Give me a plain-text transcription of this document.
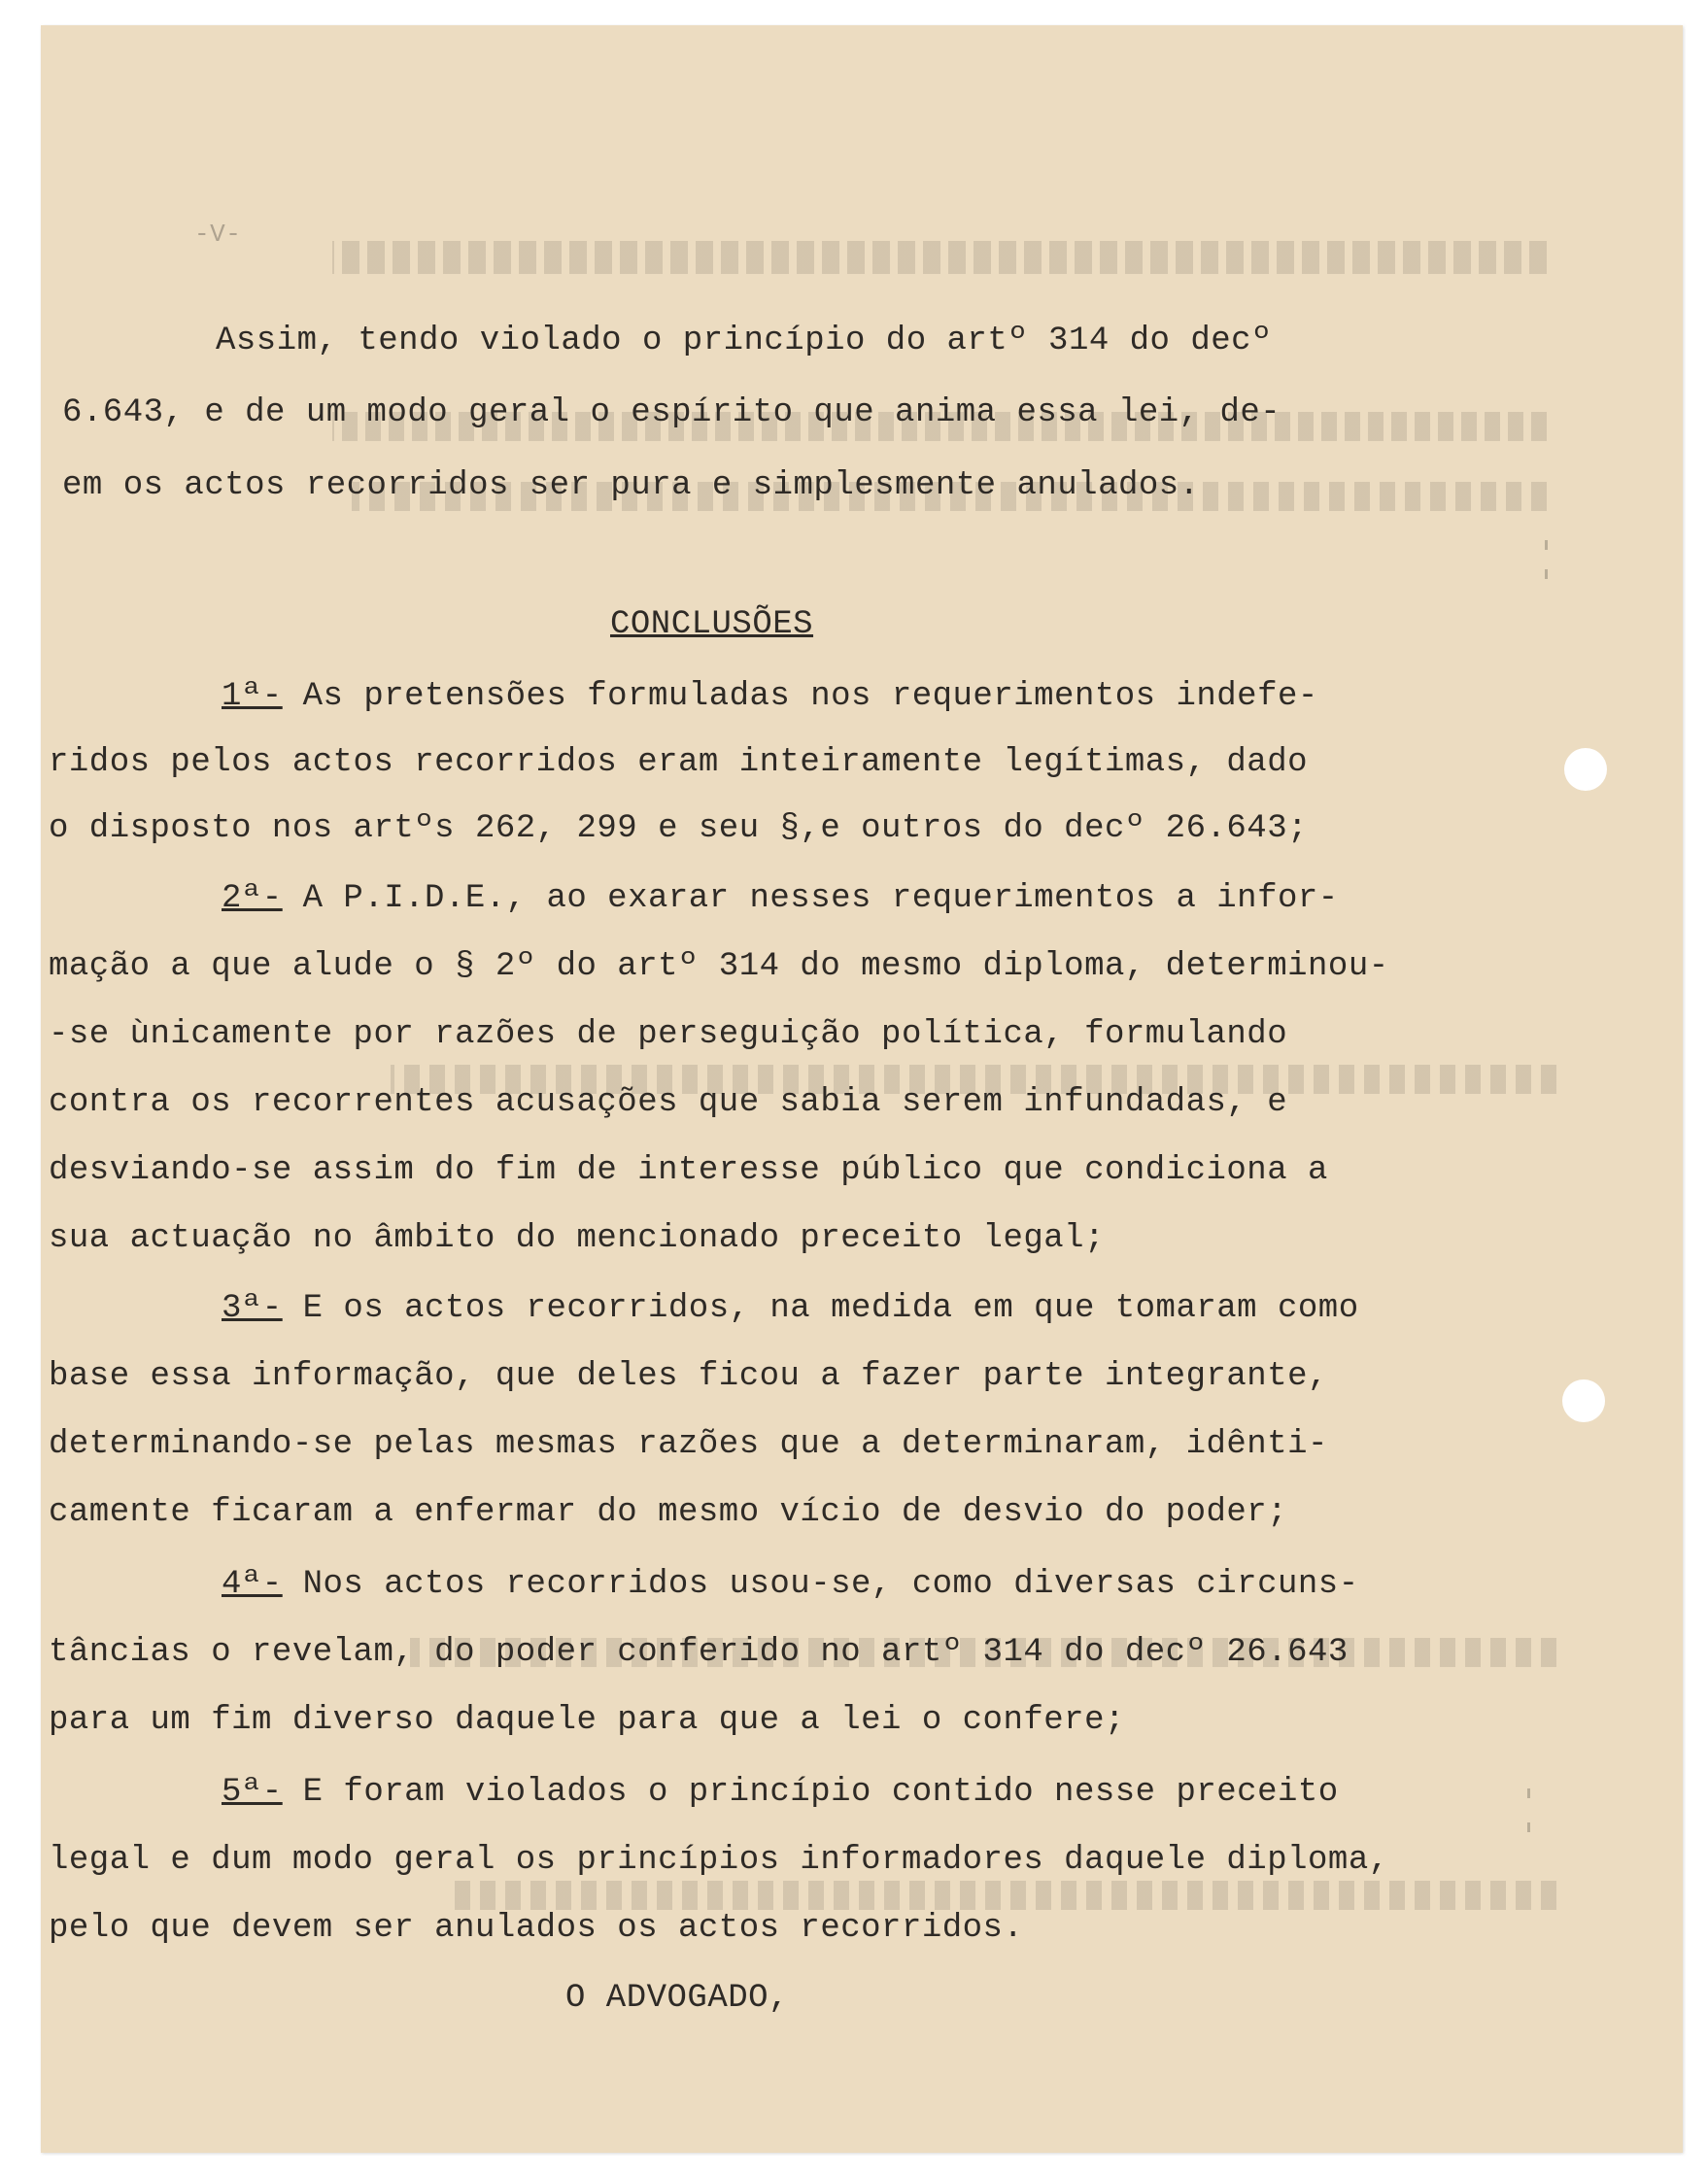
-V-
Assim, tendo violado o princípio do artº 314 do decº
6.643, e de um modo geral o espírito que anima essa lei, de-
em os actos recorridos ser pura e simplesmente anulados.
CONCLUSÕES
1ª- As pretensões formuladas nos requerimentos indefe-
ridos pelos actos recorridos eram inteiramente legítimas, dado
o disposto nos artºs 262, 299 e seu §,e outros do decº 26.643;
2ª- A P.I.D.E., ao exarar nesses requerimentos a infor-
mação a que alude o § 2º do artº 314 do mesmo diploma, determinou-
-se ùnicamente por razões de perseguição política, formulando
contra os recorrentes acusações que sabia serem infundadas, e
desviando-se assim do fim de interesse público que condiciona a
sua actuação no âmbito do mencionado preceito legal;
3ª- E os actos recorridos, na medida em que tomaram como
base essa informação, que deles ficou a fazer parte integrante,
determinando-se pelas mesmas razões que a determinaram, idênti-
camente ficaram a enfermar do mesmo vício de desvio do poder;
4ª- Nos actos recorridos usou-se, como diversas circuns-
tâncias o revelam, do poder conferido no artº 314 do decº 26.643
para um fim diverso daquele para que a lei o confere;
5ª- E foram violados o princípio contido nesse preceito
legal e dum modo geral os princípios informadores daquele diploma,
pelo que devem ser anulados os actos recorridos.
O ADVOGADO,
